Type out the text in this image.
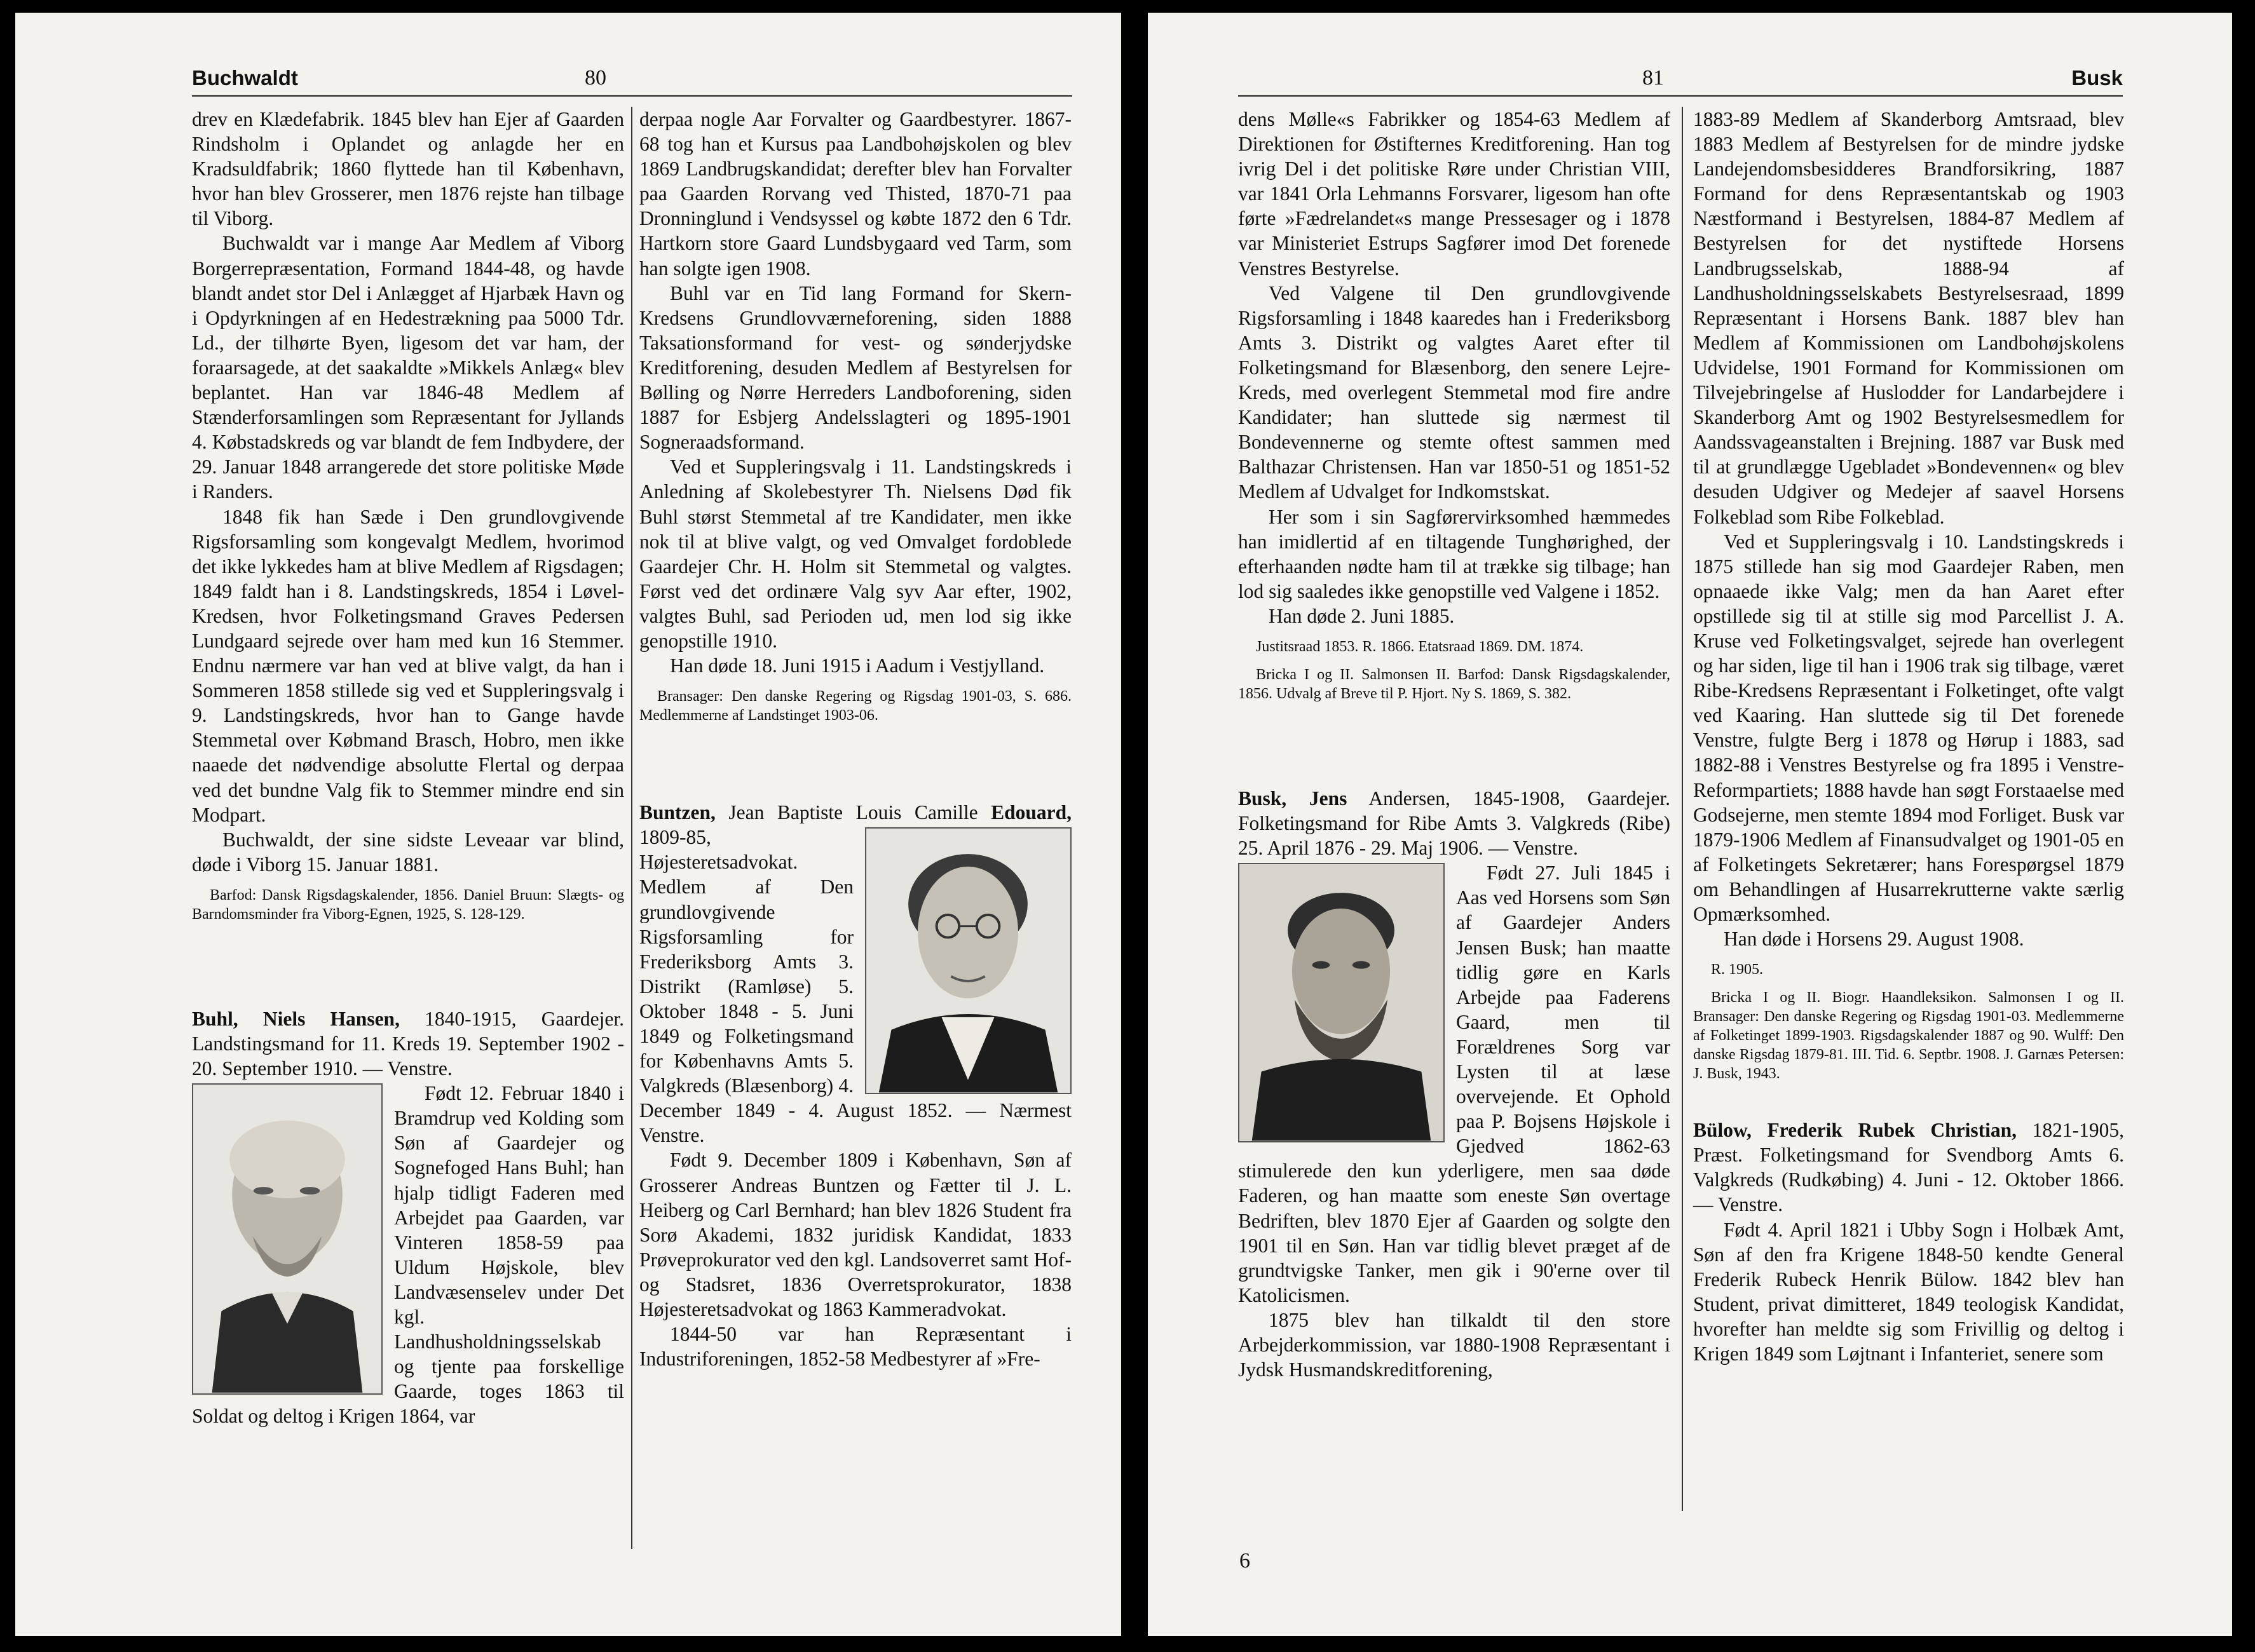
Buchwaldt	80

drev en Klædefabrik. 1845 blev han Ejer af Gaarden Rindsholm i Oplandet og anlagde her en Kradsuldfabrik; 1860 flyttede han til København, hvor han blev Grosserer, men 1876 rejste han tilbage til Viborg.

Buchwaldt var i mange Aar Medlem af Viborg Borgerrepræsentation, Formand 1844-48, og havde blandt andet stor Del i Anlægget af Hjarbæk Havn og i Opdyrkningen af en Hedestrækning paa 5000 Tdr. Ld., der tilhørte Byen, ligesom det var ham, der foraarsagede, at det saakaldte »Mikkels Anlæg« blev beplantet. Han var 1846-48 Medlem af Stænderforsamlingen som Repræsentant for Jyllands 4. Købstadskreds og var blandt de fem Indbydere, der 29. Januar 1848 arrangerede det store politiske Møde i Randers.

1848 fik han Sæde i Den grundlovgivende Rigsforsamling som kongevalgt Medlem, hvorimod det ikke lykkedes ham at blive Medlem af Rigsdagen; 1849 faldt han i 8. Landstingskreds, 1854 i Løvel-Kredsen, hvor Folketingsmand Graves Pedersen Lundgaard sejrede over ham med kun 16 Stemmer. Endnu nærmere var han ved at blive valgt, da han i Sommeren 1858 stillede sig ved et Suppleringsvalg i 9. Landstingskreds, hvor han to Gange havde Stemmetal over Købmand Brasch, Hobro, men ikke naaede det nødvendige absolutte Flertal og derpaa ved det bundne Valg fik to Stemmer mindre end sin Modpart.

Buchwaldt, der sine sidste Leveaar var blind, døde i Viborg 15. Januar 1881.

Barfod: Dansk Rigsdagskalender, 1856. Daniel Bruun: Slægts- og Barndomsminder fra Viborg-Egnen, 1925, S. 128-129.

Buhl, Niels Hansen, 1840-1915, Gaardejer. Landstingsmand for 11. Kreds 19. September 1902 - 20. September 1910. — Venstre.

Født 12. Februar 1840 i Bramdrup ved Kolding som Søn af Gaardejer og Sognefoged Hans Buhl; han hjalp tidligt Faderen med Arbejdet paa Gaarden, var Vinteren 1858-59 paa Uldum Højskole, blev Landvæsenselev under Det kgl. Landhusholdningsselskab og tjente paa forskellige Gaarde, toges 1863 til Soldat og deltog i Krigen 1864, var

derpaa nogle Aar Forvalter og Gaardbestyrer. 1867-68 tog han et Kursus paa Landbohøjskolen og blev 1869 Landbrugskandidat; derefter blev han Forvalter paa Gaarden Rorvang ved Thisted, 1870-71 paa Dronninglund i Vendsyssel og købte 1872 den 6 Tdr. Hartkorn store Gaard Lundsbygaard ved Tarm, som han solgte igen 1908.

Buhl var en Tid lang Formand for Skern-Kredsens Grundlovværneforening, siden 1888 Taksationsformand for vest- og sønderjydske Kreditforening, desuden Medlem af Bestyrelsen for Bølling og Nørre Herreders Landboforening, siden 1887 for Esbjerg Andelsslagteri og 1895-1901 Sogneraadsformand.

Ved et Suppleringsvalg i 11. Landstingskreds i Anledning af Skolebestyrer Th. Nielsens Død fik Buhl størst Stemmetal af tre Kandidater, men ikke nok til at blive valgt, og ved Omvalget fordoblede Gaardejer Chr. H. Holm sit Stemmetal og valgtes. Først ved det ordinære Valg syv Aar efter, 1902, valgtes Buhl, sad Perioden ud, men lod sig ikke genopstille 1910.

Han døde 18. Juni 1915 i Aadum i Vestjylland.

Bransager: Den danske Regering og Rigsdag 1901-03, S. 686. Medlemmerne af Landstinget 1903-06.

Buntzen, Jean Baptiste Louis Camille Edouard,
1809-85, Højesteretsadvokat. Medlem af Den grundlovgivende Rigsforsamling for Frederiksborg Amts 3. Distrikt (Ramløse) 5. Oktober 1848 - 5. Juni 1849 og Folketingsmand for Københavns Amts 5. Valgkreds (Blæsenborg) 4. December 1849 - 4. August 1852. — Nærmest Venstre.

Født 9. December 1809 i København, Søn af Grosserer Andreas Buntzen og Fætter til J. L. Heiberg og Carl Bernhard; han blev 1826 Student fra Sorø Akademi, 1832 juridisk Kandidat, 1833 Prøveprokurator ved den kgl. Landsoverret samt Hof- og Stadsret, 1836 Overretsprokurator, 1838 Højesteretsadvokat og 1863 Kammeradvokat.

1844-50 var han Repræsentant i Industriforeningen, 1852-58 Medbestyrer af »Fre-

81	Busk

dens Mølle«s Fabrikker og 1854-63 Medlem af Direktionen for Østifternes Kreditforening. Han tog ivrig Del i det politiske Røre under Christian VIII, var 1841 Orla Lehmanns Forsvarer, ligesom han ofte førte »Fædrelandet«s mange Pressesager og i 1878 var Ministeriet Estrups Sagfører imod Det forenede Venstres Bestyrelse.

Ved Valgene til Den grundlovgivende Rigsforsamling i 1848 kaaredes han i Frederiksborg Amts 3. Distrikt og valgtes Aaret efter til Folketingsmand for Blæsenborg, den senere Lejre-Kreds, med overlegent Stemmetal mod fire andre Kandidater; han sluttede sig nærmest til Bondevennerne og stemte oftest sammen med Balthazar Christensen. Han var 1850-51 og 1851-52 Medlem af Udvalget for Indkomstskat.

Her som i sin Sagførervirksomhed hæmmedes han imidlertid af en tiltagende Tunghørighed, der efterhaanden nødte ham til at trække sig tilbage; han lod sig saaledes ikke genopstille ved Valgene i 1852.

Han døde 2. Juni 1885.

Justitsraad 1853. R. 1866. Etatsraad 1869. DM. 1874.

Bricka I og II. Salmonsen II. Barfod: Dansk Rigsdagskalender, 1856. Udvalg af Breve til P. Hjort. Ny S. 1869, S. 382.

Busk, Jens Andersen, 1845-1908, Gaardejer. Folketingsmand for Ribe Amts 3. Valgkreds (Ribe) 25. April 1876 - 29. Maj 1906. — Venstre.

Født 27. Juli 1845 i Aas ved Horsens som Søn af Gaardejer Anders Jensen Busk; han maatte tidlig gøre en Karls Arbejde paa Faderens Gaard, men til Forældrenes Sorg var Lysten til at læse overvejende. Et Ophold paa P. Bojsens Højskole i Gjedved 1862-63 stimulerede den kun yderligere, men saa døde Faderen, og han maatte som eneste Søn overtage Bedriften, blev 1870 Ejer af Gaarden og solgte den 1901 til en Søn. Han var tidlig blevet præget af de grundtvigske Tanker, men gik i 90'erne over til Katolicismen.

1875 blev han tilkaldt til den store Arbejderkommission, var 1880-1908 Repræsentant i Jydsk Husmandskreditforening,

1883-89 Medlem af Skanderborg Amtsraad, blev 1883 Medlem af Bestyrelsen for de mindre jydske Landejendomsbesidderes Brandforsikring, 1887 Formand for dens Repræsentantskab og 1903 Næstformand i Bestyrelsen, 1884-87 Medlem af Bestyrelsen for det nystiftede Horsens Landbrugsselskab, 1888-94 af Landhusholdningsselskabets Bestyrelsesraad, 1899 Repræsentant i Horsens Bank. 1887 blev han Medlem af Kommissionen om Landbohøjskolens Udvidelse, 1901 Formand for Kommissionen om Tilvejebringelse af Huslodder for Landarbejdere i Skanderborg Amt og 1902 Bestyrelsesmedlem for Aandssvageanstalten i Brejning. 1887 var Busk med til at grundlægge Ugebladet »Bondevennen« og blev desuden Udgiver og Medejer af saavel Horsens Folkeblad som Ribe Folkeblad.

Ved et Suppleringsvalg i 10. Landstingskreds i 1875 stillede han sig mod Gaardejer Raben, men opnaaede ikke Valg; men da han Aaret efter opstillede sig til at stille sig mod Parcellist J. A. Kruse ved Folketingsvalget, sejrede han overlegent og har siden, lige til han i 1906 trak sig tilbage, været Ribe-Kredsens Repræsentant i Folketinget, ofte valgt ved Kaaring. Han sluttede sig til Det forenede Venstre, fulgte Berg i 1878 og Hørup i 1883, sad 1882-88 i Venstres Bestyrelse og fra 1895 i Venstre-Reformpartiets; 1888 havde han søgt Forstaaelse med Godsejerne, men stemte 1894 mod Forliget. Busk var 1879-1906 Medlem af Finansudvalget og 1901-05 en af Folketingets Sekretærer; hans Forespørgsel 1879 om Behandlingen af Husarrekrutterne vakte særlig Opmærksomhed.

Han døde i Horsens 29. August 1908.

R. 1905.

Bricka I og II. Biogr. Haandleksikon. Salmonsen I og II. Bransager: Den danske Regering og Rigsdag 1901-03. Medlemmerne af Folketinget 1899-1903. Rigsdagskalender 1887 og 90. Wulff: Den danske Rigsdag 1879-81. III. Tid. 6. Septbr. 1908. J. Garnæs Petersen: J. Busk, 1943.

Bülow, Frederik Rubek Christian, 1821-1905, Præst. Folketingsmand for Svendborg Amts 6. Valgkreds (Rudkøbing) 4. Juni - 12. Oktober 1866. — Venstre.

Født 4. April 1821 i Ubby Sogn i Holbæk Amt, Søn af den fra Krigene 1848-50 kendte General Frederik Rubeck Henrik Bülow. 1842 blev han Student, privat dimitteret, 1849 teologisk Kandidat, hvorefter han meldte sig som Frivillig og deltog i Krigen 1849 som Løjtnant i Infanteriet, senere som

6
